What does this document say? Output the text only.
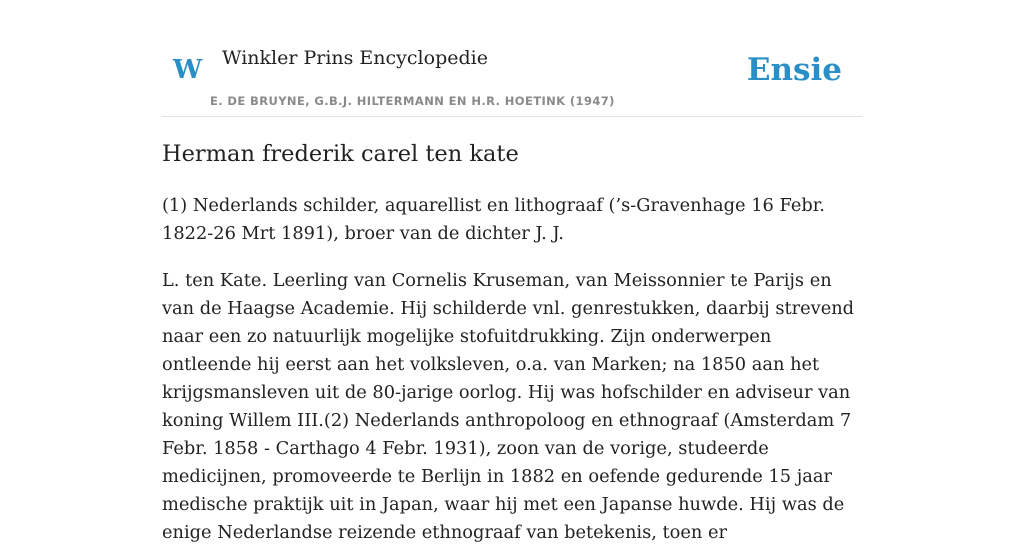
W Winkler Prins Encyclopedie
E. DE BRUYNE, G.B.J. HILTERMANN EN H.R. HOETINK (1947)
Ensie
Herman frederik carel ten kate

(1) Nederlands schilder, aquarellist en lithograaf (’s-Gravenhage 16 Febr. 1822-26 Mrt 1891), broer van de dichter J. J.

L. ten Kate. Leerling van Cornelis Kruseman, van Meissonnier te Parijs en van de Haagse Academie. Hij schilderde vnl. genrestukken, daarbij strevend naar een zo natuurlijk mogelijke stofuitdrukking. Zijn onderwerpen ontleende hij eerst aan het volksleven, o.a. van Marken; na 1850 aan het krijgsmansleven uit de 80-jarige oorlog. Hij was hofschilder en adviseur van koning Willem III.(2) Nederlands anthropoloog en ethnograaf (Amsterdam 7 Febr. 1858 - Carthago 4 Febr. 1931), zoon van de vorige, studeerde medicijnen, promoveerde te Berlijn in 1882 en oefende gedurende 15 jaar medische praktijk uit in Japan, waar hij met een Japanse huwde. Hij was de enige Nederlandse reizende ethnograaf van betekenis, toen er
